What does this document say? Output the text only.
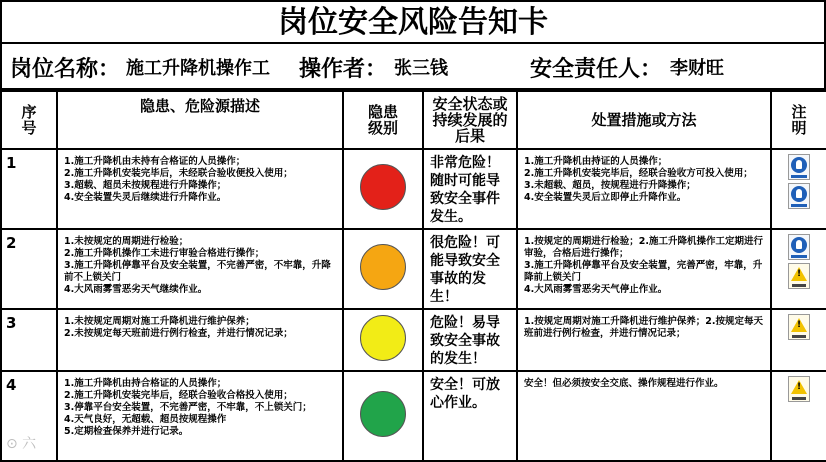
岗位安全风险告知卡
岗位名称： 施工升降机操作工 操作者： 张三钱	安全责任人： 李财旺
序号	隐患、危险源描述	隐患级别	安全状态或持续发展的后果	处置措施或方法	注明
1	1.施工升降机由未持有合格证的人员操作；
2.施工升降机安装完毕后，未经联合验收便投入使用；
3.超载、超员未按规程进行升降操作；
4.安全装置失灵后继续进行升降作业。		非常危险！随时可能导致安全事件发生。	1.施工升降机由持证的人员操作；
2.施工升降机安装完毕后，经联合验收方可投入使用；
3.未超载、超员，按规程进行升降操作；
4.安全装置失灵后立即停止升降作业。	

2	1.未按规定的周期进行检验；
2.施工升降机操作工未进行审验合格进行操作；
3.施工升降机停靠平台及安全装置，不完善严密，不牢靠，升降前不上锁关门
4.大风雨雾雪恶劣天气继续作业。		很危险！可能导致安全事故的发生！	1.按规定的周期进行检验；2.施工升降机操作工定期进行审验，合格后进行操作；
3.施工升降机停靠平台及安全装置，完善严密，牢靠，升降前上锁关门
4.大风雨雾雪恶劣天气停止作业。	
!

3	1.未按规定周期对施工升降机进行维护保养；
2.未按规定每天班前进行例行检查，并进行情况记录；		危险！易导致安全事故的发生！	1.按规定周期对施工升降机进行维护保养；2.按规定每天班前进行例行检查，并进行情况记录；	
!

4	1.施工升降机由持合格证的人员操作；
2.施工升降机安装完毕后，经联合验收合格投入使用；
3.停靠平台安全装置，不完善严密，不牢靠，不上锁关门；
4.天气良好，无超载、超员按规程操作
5.定期检查保养并进行记录。		安全！可放心作业。	安全！但必须按安全交底、操作规程进行作业。	
!
⊙ 六
